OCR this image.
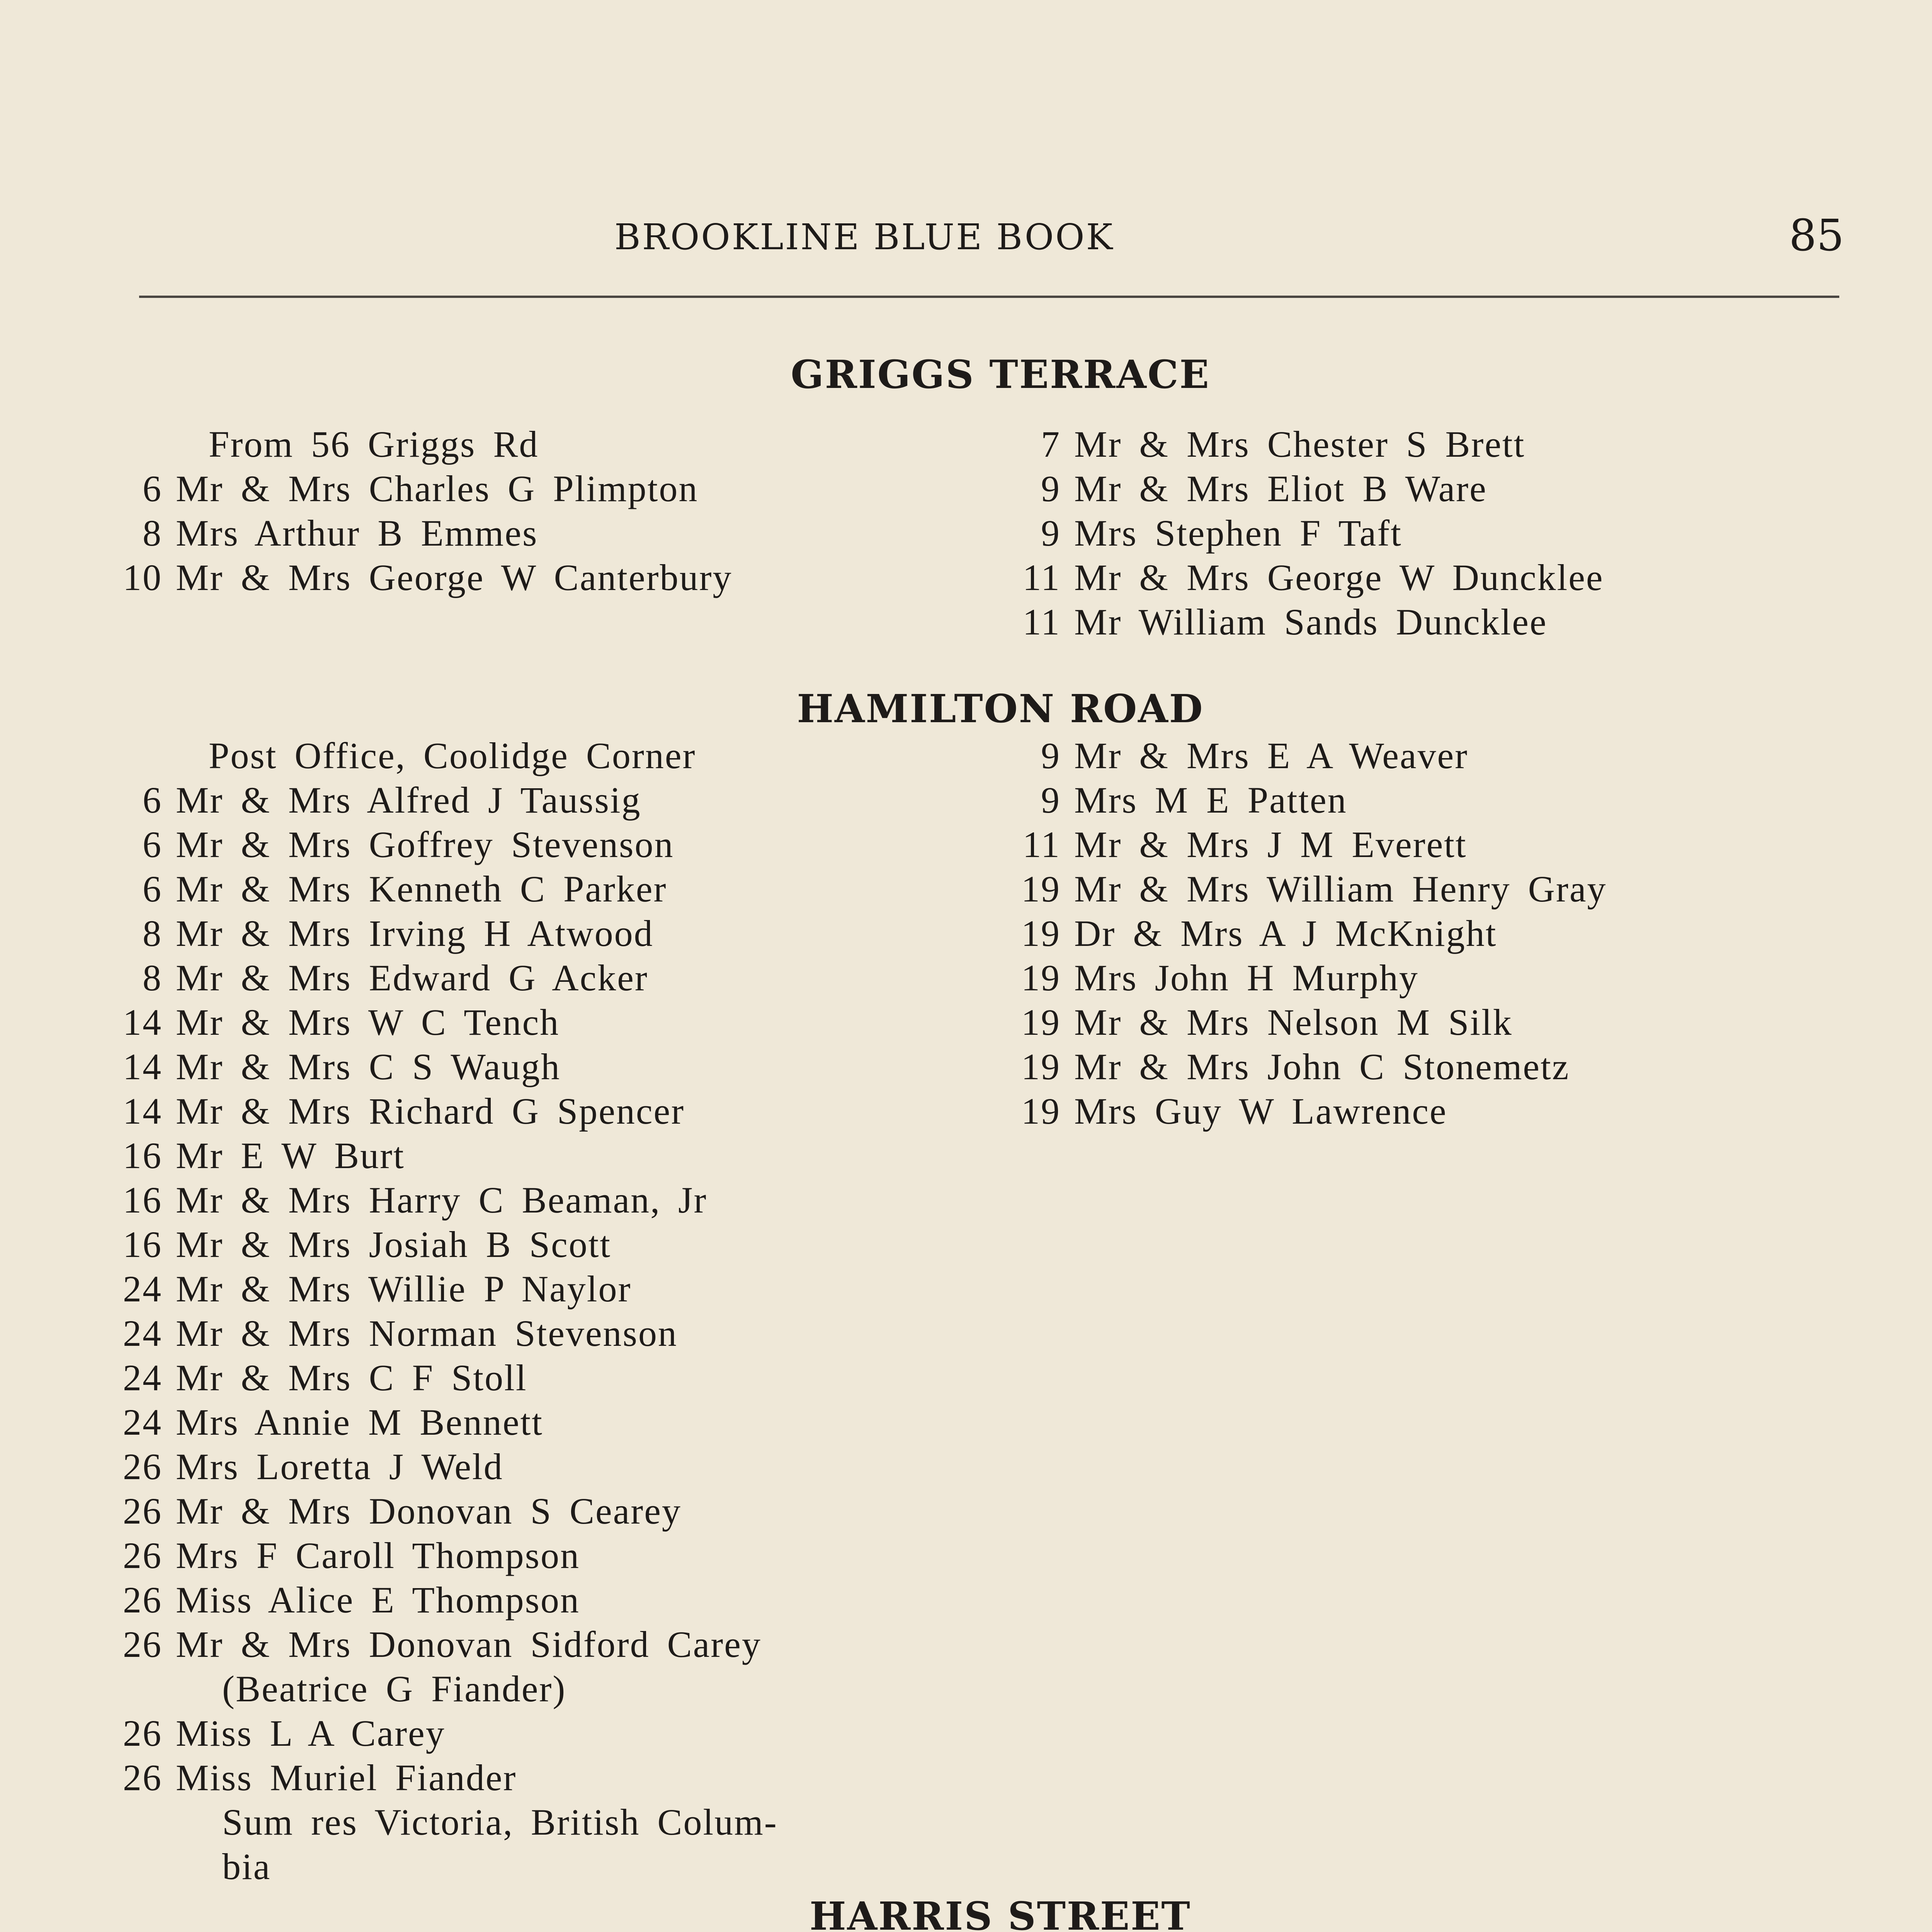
BROOKLINE BLUE BOOK	85
GRIGGS TERRACE
From 56 Griggs Rd
6 Mr & Mrs Charles G Plimpton
8 Mrs Arthur B Emmes
10 Mr & Mrs George W Canterbury
7 Mr & Mrs Chester S Brett
9 Mr & Mrs Eliot B Ware
9 Mrs Stephen F Taft
11 Mr & Mrs George W Duncklee
11 Mr William Sands Duncklee
HAMILTON ROAD
Post Office, Coolidge Corner
6 Mr & Mrs Alfred J Taussig
6 Mr & Mrs Goffrey Stevenson
6 Mr & Mrs Kenneth C Parker
8 Mr & Mrs Irving H Atwood
8 Mr & Mrs Edward G Acker
14 Mr & Mrs W C Tench
14 Mr & Mrs C S Waugh
14 Mr & Mrs Richard G Spencer
16 Mr E W Burt
16 Mr & Mrs Harry C Beaman, Jr
16 Mr & Mrs Josiah B Scott
24 Mr & Mrs Willie P Naylor
24 Mr & Mrs Norman Stevenson
24 Mr & Mrs C F Stoll
24 Mrs Annie M Bennett
26 Mrs Loretta J Weld
26 Mr & Mrs Donovan S Cearey
26 Mrs F Caroll Thompson
26 Miss Alice E Thompson
26 Mr & Mrs Donovan Sidford Carey
(Beatrice G Fiander)
26 Miss L A Carey
26 Miss Muriel Fiander
Sum res Victoria, British Colum-
bia
9 Mr & Mrs E A Weaver
9 Mrs M E Patten
11 Mr & Mrs J M Everett
19 Mr & Mrs William Henry Gray
19 Dr & Mrs A J McKnight
19 Mrs John H Murphy
19 Mr & Mrs Nelson M Silk
19 Mr & Mrs John C Stonemetz
19 Mrs Guy W Lawrence
HARRIS STREET
